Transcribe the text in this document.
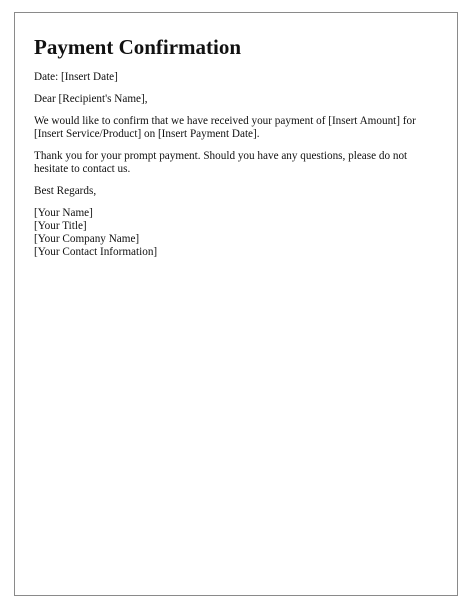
Payment Confirmation

Date: [Insert Date]

Dear [Recipient's Name],

We would like to confirm that we have received your payment of [Insert Amount] for [Insert Service/Product] on [Insert Payment Date].

Thank you for your prompt payment. Should you have any questions, please do not hesitate to contact us.

Best Regards,

[Your Name]
[Your Title]
[Your Company Name]
[Your Contact Information]
